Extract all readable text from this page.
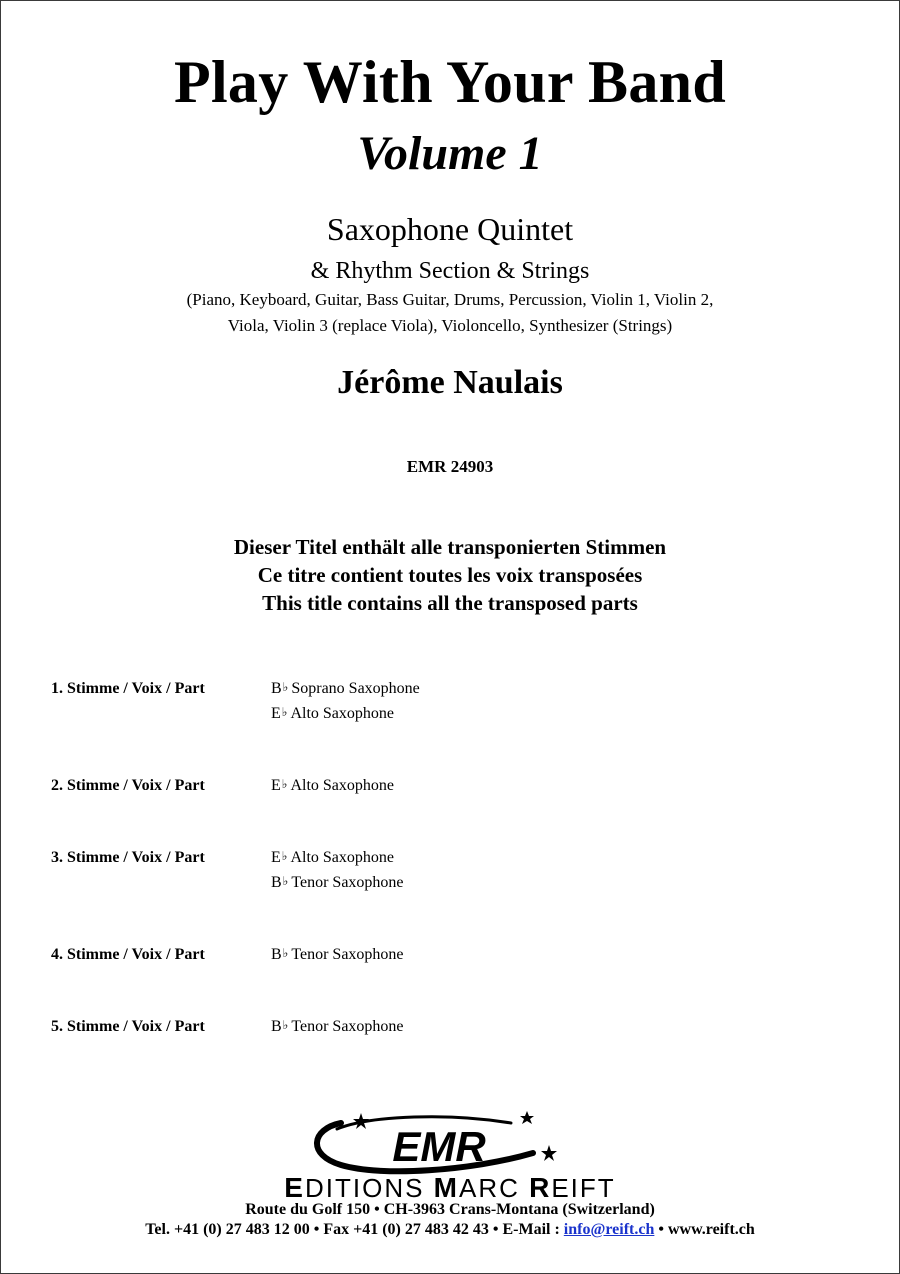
Play With Your Band
Volume 1
Saxophone Quintet
& Rhythm Section & Strings
(Piano, Keyboard, Guitar, Bass Guitar, Drums, Percussion, Violin 1, Violin 2,
Viola, Violin 3 (replace Viola), Violoncello, Synthesizer (Strings)
Jérôme Naulais
EMR 24903
Dieser Titel enthält alle transponierten Stimmen
Ce titre contient toutes les voix transposées
This title contains all the transposed parts
1. Stimme / Voix / Part	B♭ Soprano Saxophone
E♭ Alto Saxophone
2. Stimme / Voix / Part	E♭ Alto Saxophone
3. Stimme / Voix / Part	E♭ Alto Saxophone
B♭ Tenor Saxophone
4. Stimme / Voix / Part	B♭ Tenor Saxophone
5. Stimme / Voix / Part	B♭ Tenor Saxophone
EMR
EDITIONS MARC REIFT
Route du Golf 150 • CH-3963 Crans-Montana (Switzerland)
Tel. +41 (0) 27 483 12 00 • Fax +41 (0) 27 483 42 43 • E-Mail : info@reift.ch • www.reift.ch
